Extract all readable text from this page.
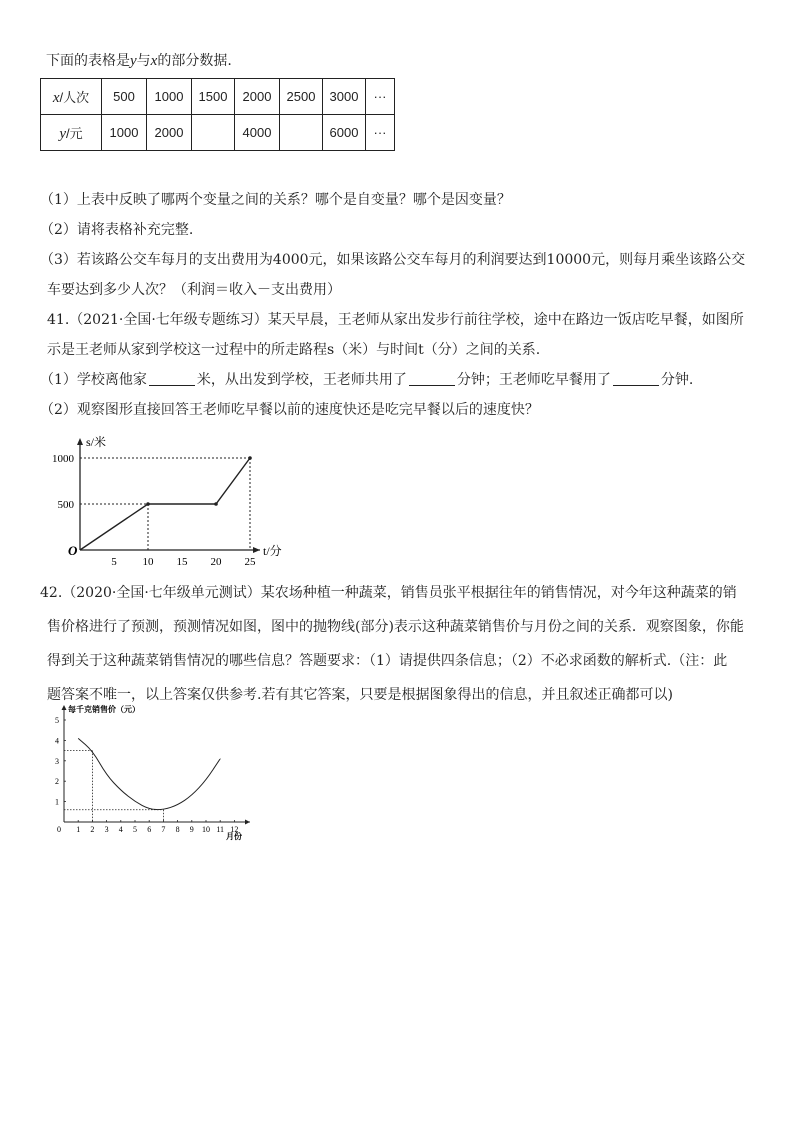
下面的表格是y与x的部分数据.
x/人次	500	1000	1500	2000	2500	3000	···
y/元	1000	2000		4000		6000	···
（1）上表中反映了哪两个变量之间的关系？哪个是自变量？哪个是因变量？
（2）请将表格补充完整.
（3）若该路公交车每月的支出费用为4000元，如果该路公交车每月的利润要达到10000元，则每月乘坐该路公交
车要达到多少人次？（利润＝收入－支出费用）
41.（2021·全国·七年级专题练习）某天早晨，王老师从家出发步行前往学校，途中在路边一饭店吃早餐，如图所
示是王老师从家到学校这一过程中的所走路程s（米）与时间t（分）之间的关系.
（1）学校离他家	米，从出发到学校，王老师共用了	分钟；王老师吃早餐用了	分钟.
（2）观察图形直接回答王老师吃早餐以前的速度快还是吃完早餐以后的速度快？
s/米
t/分
O
5 10 15 20 25
500
1000
42.（2020·全国·七年级单元测试）某农场种植一种蔬菜，销售员张平根据往年的销售情况，对今年这种蔬菜的销
售价格进行了预测，预测情况如图，图中的抛物线(部分)表示这种蔬菜销售价与月份之间的关系．观察图象，你能
得到关于这种蔬菜销售情况的哪些信息？答题要求：（1）请提供四条信息；（2）不必求函数的解析式.（注：此
题答案不唯一，以上答案仅供参考.若有其它答案，只要是根据图象得出的信息，并且叙述正确都可以)
每千克销售价（元）
月份
0 1 2 3 4 5 6 7 8 9 10 11 12
1
2
3
4
5
